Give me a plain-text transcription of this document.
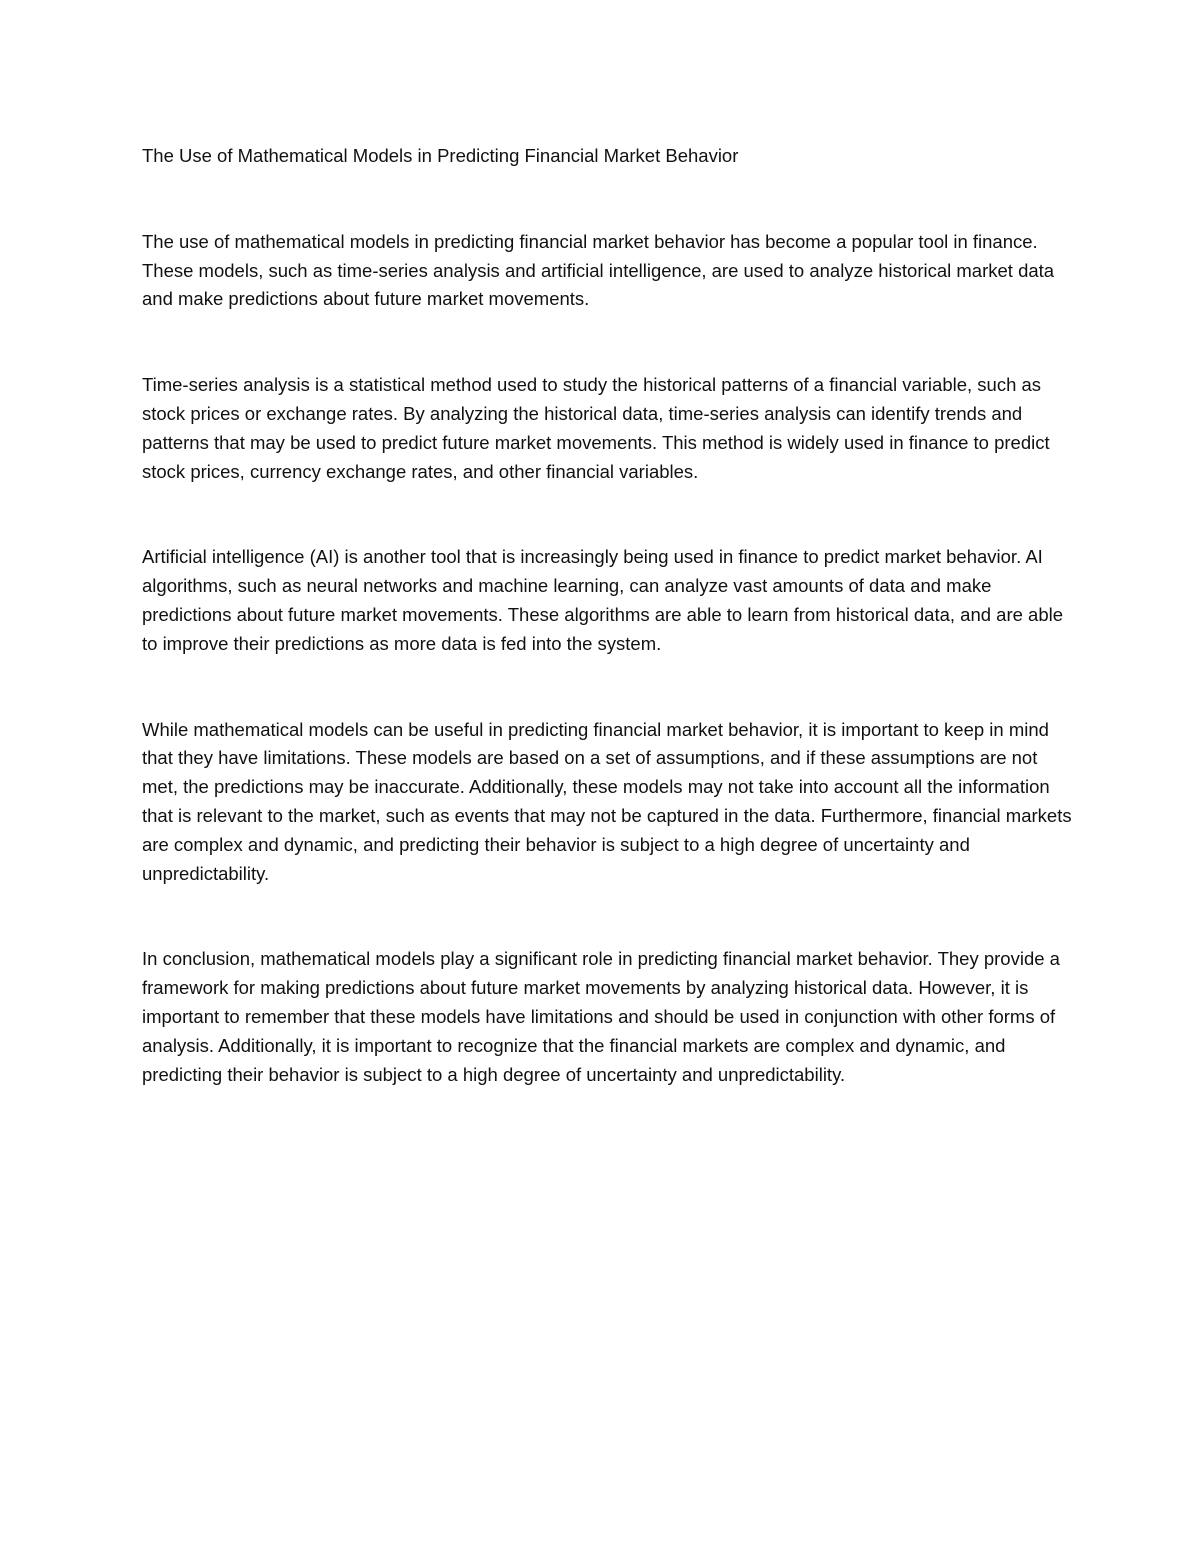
The Use of Mathematical Models in Predicting Financial Market Behavior

The use of mathematical models in predicting financial market behavior has become a popular tool in finance. These models, such as time-series analysis and artificial intelligence, are used to analyze historical market data and make predictions about future market movements.

Time-series analysis is a statistical method used to study the historical patterns of a financial variable, such as stock prices or exchange rates. By analyzing the historical data, time-series analysis can identify trends and patterns that may be used to predict future market movements. This method is widely used in finance to predict stock prices, currency exchange rates, and other financial variables.

Artificial intelligence (AI) is another tool that is increasingly being used in finance to predict market behavior. AI algorithms, such as neural networks and machine learning, can analyze vast amounts of data and make predictions about future market movements. These algorithms are able to learn from historical data, and are able to improve their predictions as more data is fed into the system.

While mathematical models can be useful in predicting financial market behavior, it is important to keep in mind that they have limitations. These models are based on a set of assumptions, and if these assumptions are not met, the predictions may be inaccurate. Additionally, these models may not take into account all the information that is relevant to the market, such as events that may not be captured in the data. Furthermore, financial markets are complex and dynamic, and predicting their behavior is subject to a high degree of uncertainty and unpredictability.

In conclusion, mathematical models play a significant role in predicting financial market behavior. They provide a framework for making predictions about future market movements by analyzing historical data. However, it is important to remember that these models have limitations and should be used in conjunction with other forms of analysis. Additionally, it is important to recognize that the financial markets are complex and dynamic, and predicting their behavior is subject to a high degree of uncertainty and unpredictability.
